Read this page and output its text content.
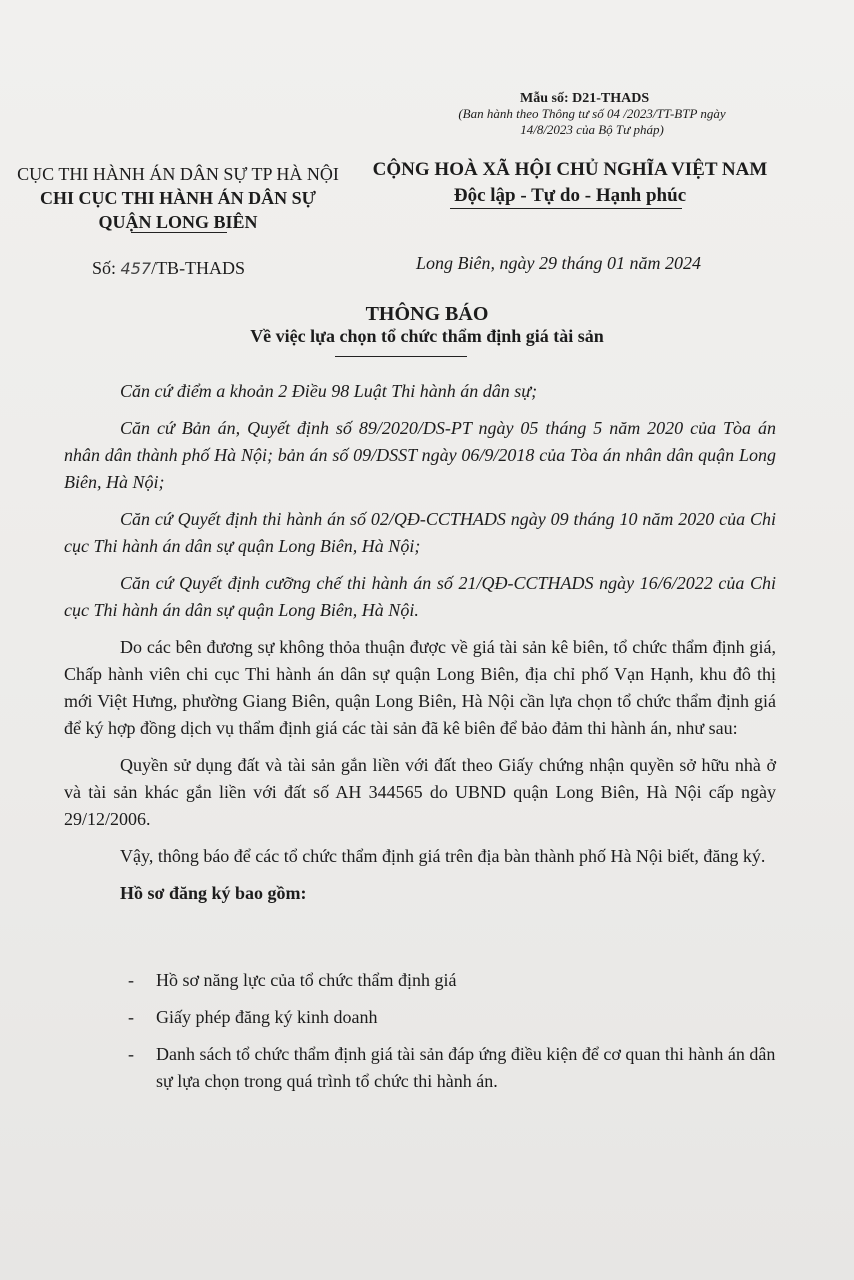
Mẫu số: D21-THADS
(Ban hành theo Thông tư số 04 /2023/TT-BTP ngày 14/8/2023 của Bộ Tư pháp)
CỤC THI HÀNH ÁN DÂN SỰ TP HÀ NỘI
CHI CỤC THI HÀNH ÁN DÂN SỰ
QUẬN LONG BIÊN
CỘNG HOÀ XÃ HỘI CHỦ NGHĨA VIỆT NAM
Độc lập - Tự do - Hạnh phúc
Số: 457/TB-THADS	Long Biên, ngày 29 tháng 01 năm 2024
THÔNG BÁO
Về việc lựa chọn tổ chức thẩm định giá tài sản

Căn cứ điểm a khoản 2 Điều 98 Luật Thi hành án dân sự;

Căn cứ Bản án, Quyết định số 89/2020/DS-PT ngày 05 tháng 5 năm 2020 của Tòa án nhân dân thành phố Hà Nội; bản án số 09/DSST ngày 06/9/2018 của Tòa án nhân dân quận Long Biên, Hà Nội;

Căn cứ Quyết định thi hành án số 02/QĐ-CCTHADS ngày 09 tháng 10 năm 2020 của Chi cục Thi hành án dân sự quận Long Biên, Hà Nội;

Căn cứ Quyết định cưỡng chế thi hành án số 21/QĐ-CCTHADS ngày 16/6/2022 của Chi cục Thi hành án dân sự quận Long Biên, Hà Nội.

Do các bên đương sự không thỏa thuận được về giá tài sản kê biên, tổ chức thẩm định giá, Chấp hành viên chi cục Thi hành án dân sự quận Long Biên, địa chỉ phố Vạn Hạnh, khu đô thị mới Việt Hưng, phường Giang Biên, quận Long Biên, Hà Nội cần lựa chọn tổ chức thẩm định giá để ký hợp đồng dịch vụ thẩm định giá các tài sản đã kê biên để bảo đảm thi hành án, như sau:

Quyền sử dụng đất và tài sản gắn liền với đất theo Giấy chứng nhận quyền sở hữu nhà ở và tài sản khác gắn liền với đất số AH 344565 do UBND quận Long Biên, Hà Nội cấp ngày 29/12/2006.

Vậy, thông báo để các tổ chức thẩm định giá trên địa bàn thành phố Hà Nội biết, đăng ký.

Hồ sơ đăng ký bao gồm:

- Hồ sơ năng lực của tổ chức thẩm định giá
- Giấy phép đăng ký kinh doanh
- Danh sách tổ chức thẩm định giá tài sản đáp ứng điều kiện để cơ quan thi hành án dân sự lựa chọn trong quá trình tổ chức thi hành án.
